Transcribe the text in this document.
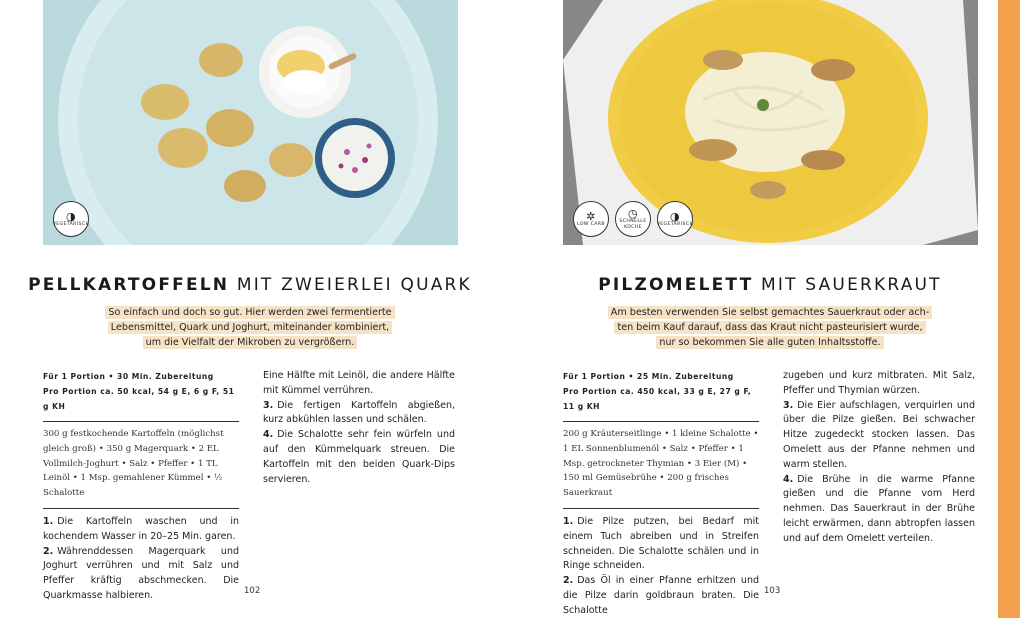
◑
VEGETARISCH
PELLKARTOFFELN MIT ZWEIERLEI QUARK
So einfach und doch so gut. Hier werden zwei fermentierte
Lebensmittel, Quark und Joghurt, miteinander kombiniert,
um die Vielfalt der Mikroben zu vergrößern.
Für 1 Portion • 30 Min. Zubereitung
Pro Portion ca. 50 kcal, 54 g E, 6 g F, 51 g KH
300 g festkochende Kartoffeln (möglichst gleich groß) • 350 g Magerquark • 2 EL Vollmilch-Joghurt • Salz • Pfeffer • 1 TL Leinöl • 1 Msp. gemahlener Kümmel • ½ Schalotte
1. Die Kartoffeln waschen und in kochendem Wasser in 20–25 Min. garen.
2. Währenddessen Magerquark und Joghurt verrühren und mit Salz und Pfeffer kräftig abschmecken. Die Quarkmasse halbieren.
Eine Hälfte mit Leinöl, die andere Hälfte mit Kümmel verrühren.
3. Die fertigen Kartoffeln abgießen, kurz abkühlen lassen und schälen.
4. Die Schalotte sehr fein würfeln und auf den Kümmelquark streuen. Die Kartoffeln mit den beiden Quark-Dips servieren.
102
✲
LOW CARB
◷
SCHNELLE KÜCHE
◑
VEGETARISCH
PILZOMELETT MIT SAUERKRAUT
Am besten verwenden Sie selbst gemachtes Sauerkraut oder ach-
ten beim Kauf darauf, dass das Kraut nicht pasteurisiert wurde,
nur so bekommen Sie alle guten Inhaltsstoffe.
Für 1 Portion • 25 Min. Zubereitung
Pro Portion ca. 450 kcal, 33 g E, 27 g F, 11 g KH
200 g Kräuterseitlinge • 1 kleine Schalotte • 1 EL Sonnenblumenöl • Salz • Pfeffer • 1 Msp. getrockneter Thymian • 3 Eier (M) • 150 ml Gemüsebrühe • 200 g frisches Sauerkraut
1. Die Pilze putzen, bei Bedarf mit einem Tuch abreiben und in Streifen schneiden. Die Schalotte schälen und in Ringe schneiden.
2. Das Öl in einer Pfanne erhitzen und die Pilze darin goldbraun braten. Die Schalotte
zugeben und kurz mitbraten. Mit Salz, Pfeffer und Thymian würzen.
3. Die Eier aufschlagen, verquirlen und über die Pilze gießen. Bei schwacher Hitze zugedeckt stocken lassen. Das Omelett aus der Pfanne nehmen und warm stellen.
4. Die Brühe in die warme Pfanne gießen und die Pfanne vom Herd nehmen. Das Sauerkraut in der Brühe leicht erwärmen, dann abtropfen lassen und auf dem Omelett verteilen.
103
